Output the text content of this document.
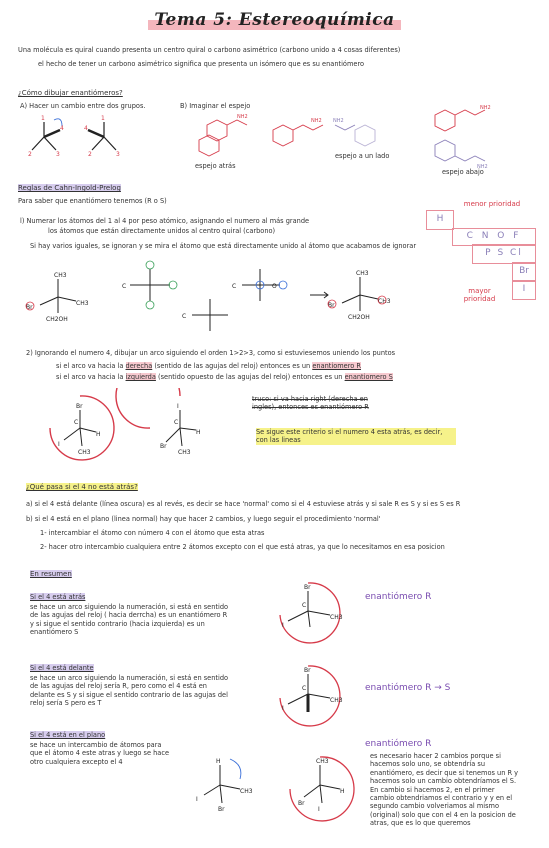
Tema 5: Estereoquímica
Una molécula es quiral cuando presenta un centro quiral o carbono asimétrico (carbono unido a 4 cosas diferentes)
el hecho de tener un carbono asimétrico significa que presenta un isómero que es su enantiómero
¿Cómo dibujar enantiómeros?
A) Hacer un cambio entre dos grupos.	B) Imaginar el espejo
1
4
2	3
1
4
2	3
NH2
NH2 NH2
NH2
NH2
espejo atrás
espejo a un lado
espejo abajo
Reglas de Cahn-Ingold-Prelog
Para saber que enantiómero tenemos (R o S)
l) Numerar los átomos del 1 al 4 por peso atómico, asignando el numero al más grande
los átomos que están directamente unidos al centro quiral (carbono)
Si hay varios iguales, se ignoran y se mira el átomo que está directamente unido al átomo que acabamos de ignorar
menor prioridad
H
C N O F
P S Cl
Br
I
mayor prioridad
CH3
Br
CH3
CH2OH
C	C	O
C
CH3
Br
CH3
CH2OH
2) Ignorando el numero 4, dibujar un arco siguiendo el orden 1>2>3, como si estuviesemos uniendo los puntos
si el arco va hacia la derecha (sentido de las agujas del reloj) entonces es un enantiomero R
si el arco va hacia la izquierda (sentido opuesto de las agujas del reloj) entonces es un enantiomero S
Br
C
I
H
CH3
I
C
Br
H
CH3
truco: si va hacia right (derecha en ingles), entonces es enantiómero R
Se sigue este criterio si el numero 4 esta atrás, es decir, con las lineas
¿Qué pasa si el 4 no está atrás?
a) si el 4 está delante (línea oscura) es al revés, es decir se hace 'normal' como si el 4 estuviese atrás y si sale R es S y si es S es R
b) si el 4 está en el plano (linea normal) hay que hacer 2 cambios, y luego seguir el procedimiento 'normal'
1- intercambiar el átomo con número 4 con el átomo que esta atras
2- hacer otro intercambio cualquiera entre 2 átomos excepto con el que está atras, ya que lo necesitamos en esa posicion
En resumen
Si el 4 está atrás
se hace un arco siguiendo la numeración, si está en sentido de las agujas del reloj ( hacia derrcha) es un enantiómero R y si sigue el sentido contrario (hacia izquierda) es un enantiómero S
enantiómero R
Si el 4 está delante
se hace un arco siguiendo la numeración, si está en sentido de las agujas del reloj sería R, pero como el 4 está en delante es S y si sigue el sentido contrario de las agujas del reloj sería S pero es T
enantiómero R → S
Si el 4 está en el plano
se hace un intercambio de átomos para que el átomo 4 este atras y luego se hace otro cualquiera excepto el 4
enantiómero R
es necesario hacer 2 cambios porque si hacemos solo uno, se obtendría su enantiómero, es decir que si tenemos un R y hacemos solo un cambio obtendríamos el S. En cambio si hacemos 2, en el primer cambio obtendriamos el contrario y y en el segundo cambio volveriamos al mismo (original) solo que con el 4 en la posicion de atras, que es lo que queremos
Br
C
I
CH3
Br
C
I
CH3
H
I
CH3
Br
CH3
Br
H
I
